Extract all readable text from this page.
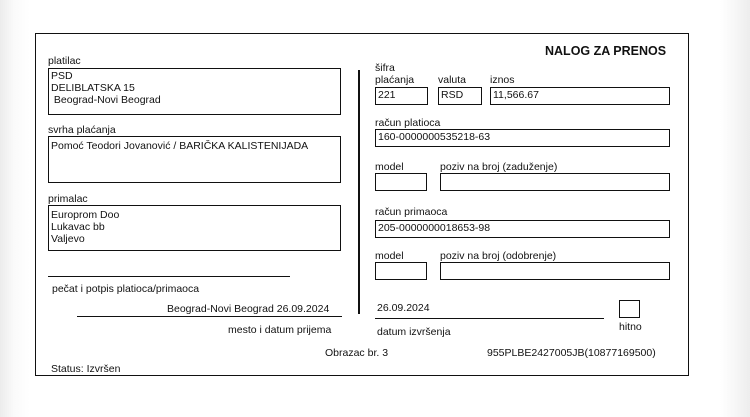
NALOG ZA PRENOS
platilac
PSD
DELIBLATSKA 15
Beograd-Novi Beograd
svrha plaćanja
Pomoć Teodori Jovanović / BARIČKA KALISTENIJADA
primalac
Europrom Doo
Lukavac bb
Valjevo
pečat i potpis platioca/primaoca
Beograd-Novi Beograd 26.09.2024
mesto i datum prijema
šifra
plaćanja valuta iznos
221	RSD	11,566.67
račun platioca
160-0000000535218-63
model	poziv na broj (zaduženje)
račun primaoca
205-0000000018653-98
model	poziv na broj (odobrenje)
26.09.2024
datum izvršenja	hitno
Obrazac br. 3	955PLBE2427005JB(10877169500)
Status: Izvršen
